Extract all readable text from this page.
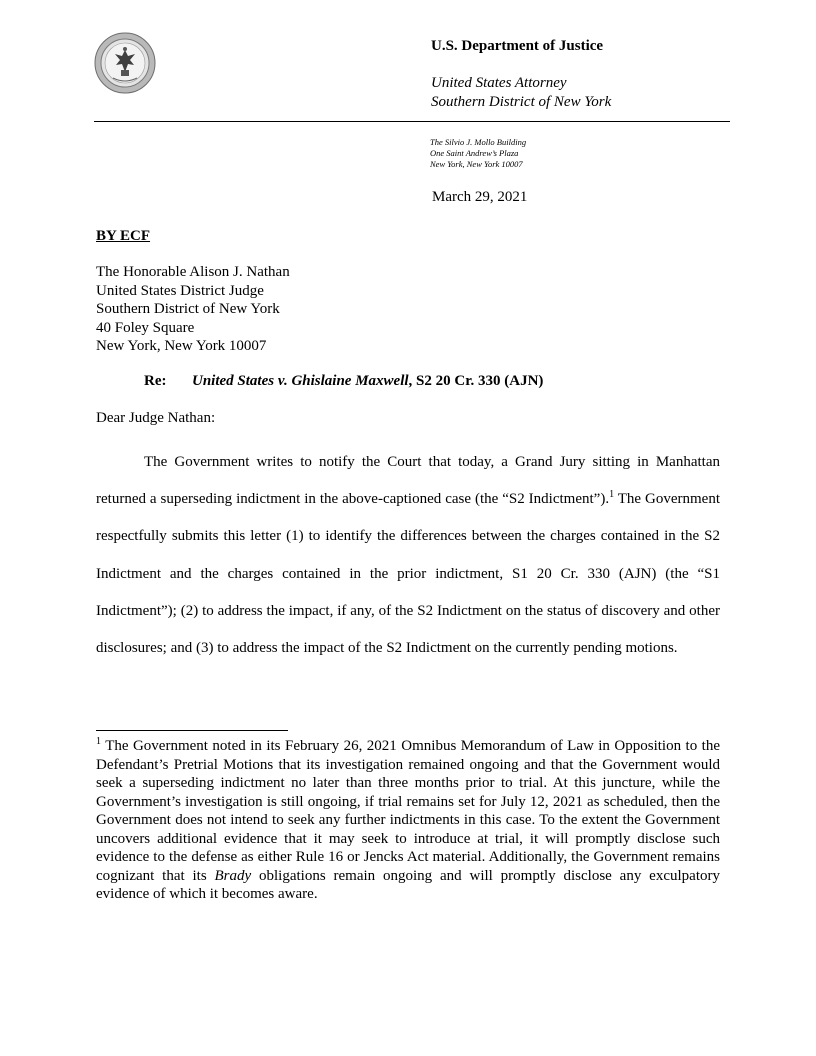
U.S. Department of Justice
United States Attorney
Southern District of New York
The Silvio J. Mollo Building
One Saint Andrew’s Plaza
New York, New York 10007
March 29, 2021
BY ECF
The Honorable Alison J. Nathan
United States District Judge
Southern District of New York
40 Foley Square
New York, New York 10007
Re: United States v. Ghislaine Maxwell, S2 20 Cr. 330 (AJN)
Dear Judge Nathan:

The Government writes to notify the Court that today, a Grand Jury sitting in Manhattan returned a superseding indictment in the above-captioned case (the “S2 Indictment”).$^1$ The Government respectfully submits this letter (1) to identify the differences between the charges contained in the S2 Indictment and the charges contained in the prior indictment, S1 20 Cr. 330 (AJN) (the “S1 Indictment”); (2) to address the impact, if any, of the S2 Indictment on the status of discovery and other disclosures; and (3) to address the impact of the S2 Indictment on the currently pending motions.

$^1$ The Government noted in its February 26, 2021 Omnibus Memorandum of Law in Opposition to the Defendant’s Pretrial Motions that its investigation remained ongoing and that the Government would seek a superseding indictment no later than three months prior to trial. At this juncture, while the Government’s investigation is still ongoing, if trial remains set for July 12, 2021 as scheduled, then the Government does not intend to seek any further indictments in this case. To the extent the Government uncovers additional evidence that it may seek to introduce at trial, it will promptly disclose such evidence to the defense as either Rule 16 or Jencks Act material. Additionally, the Government remains cognizant that its Brady obligations remain ongoing and will promptly disclose any exculpatory evidence of which it becomes aware.
